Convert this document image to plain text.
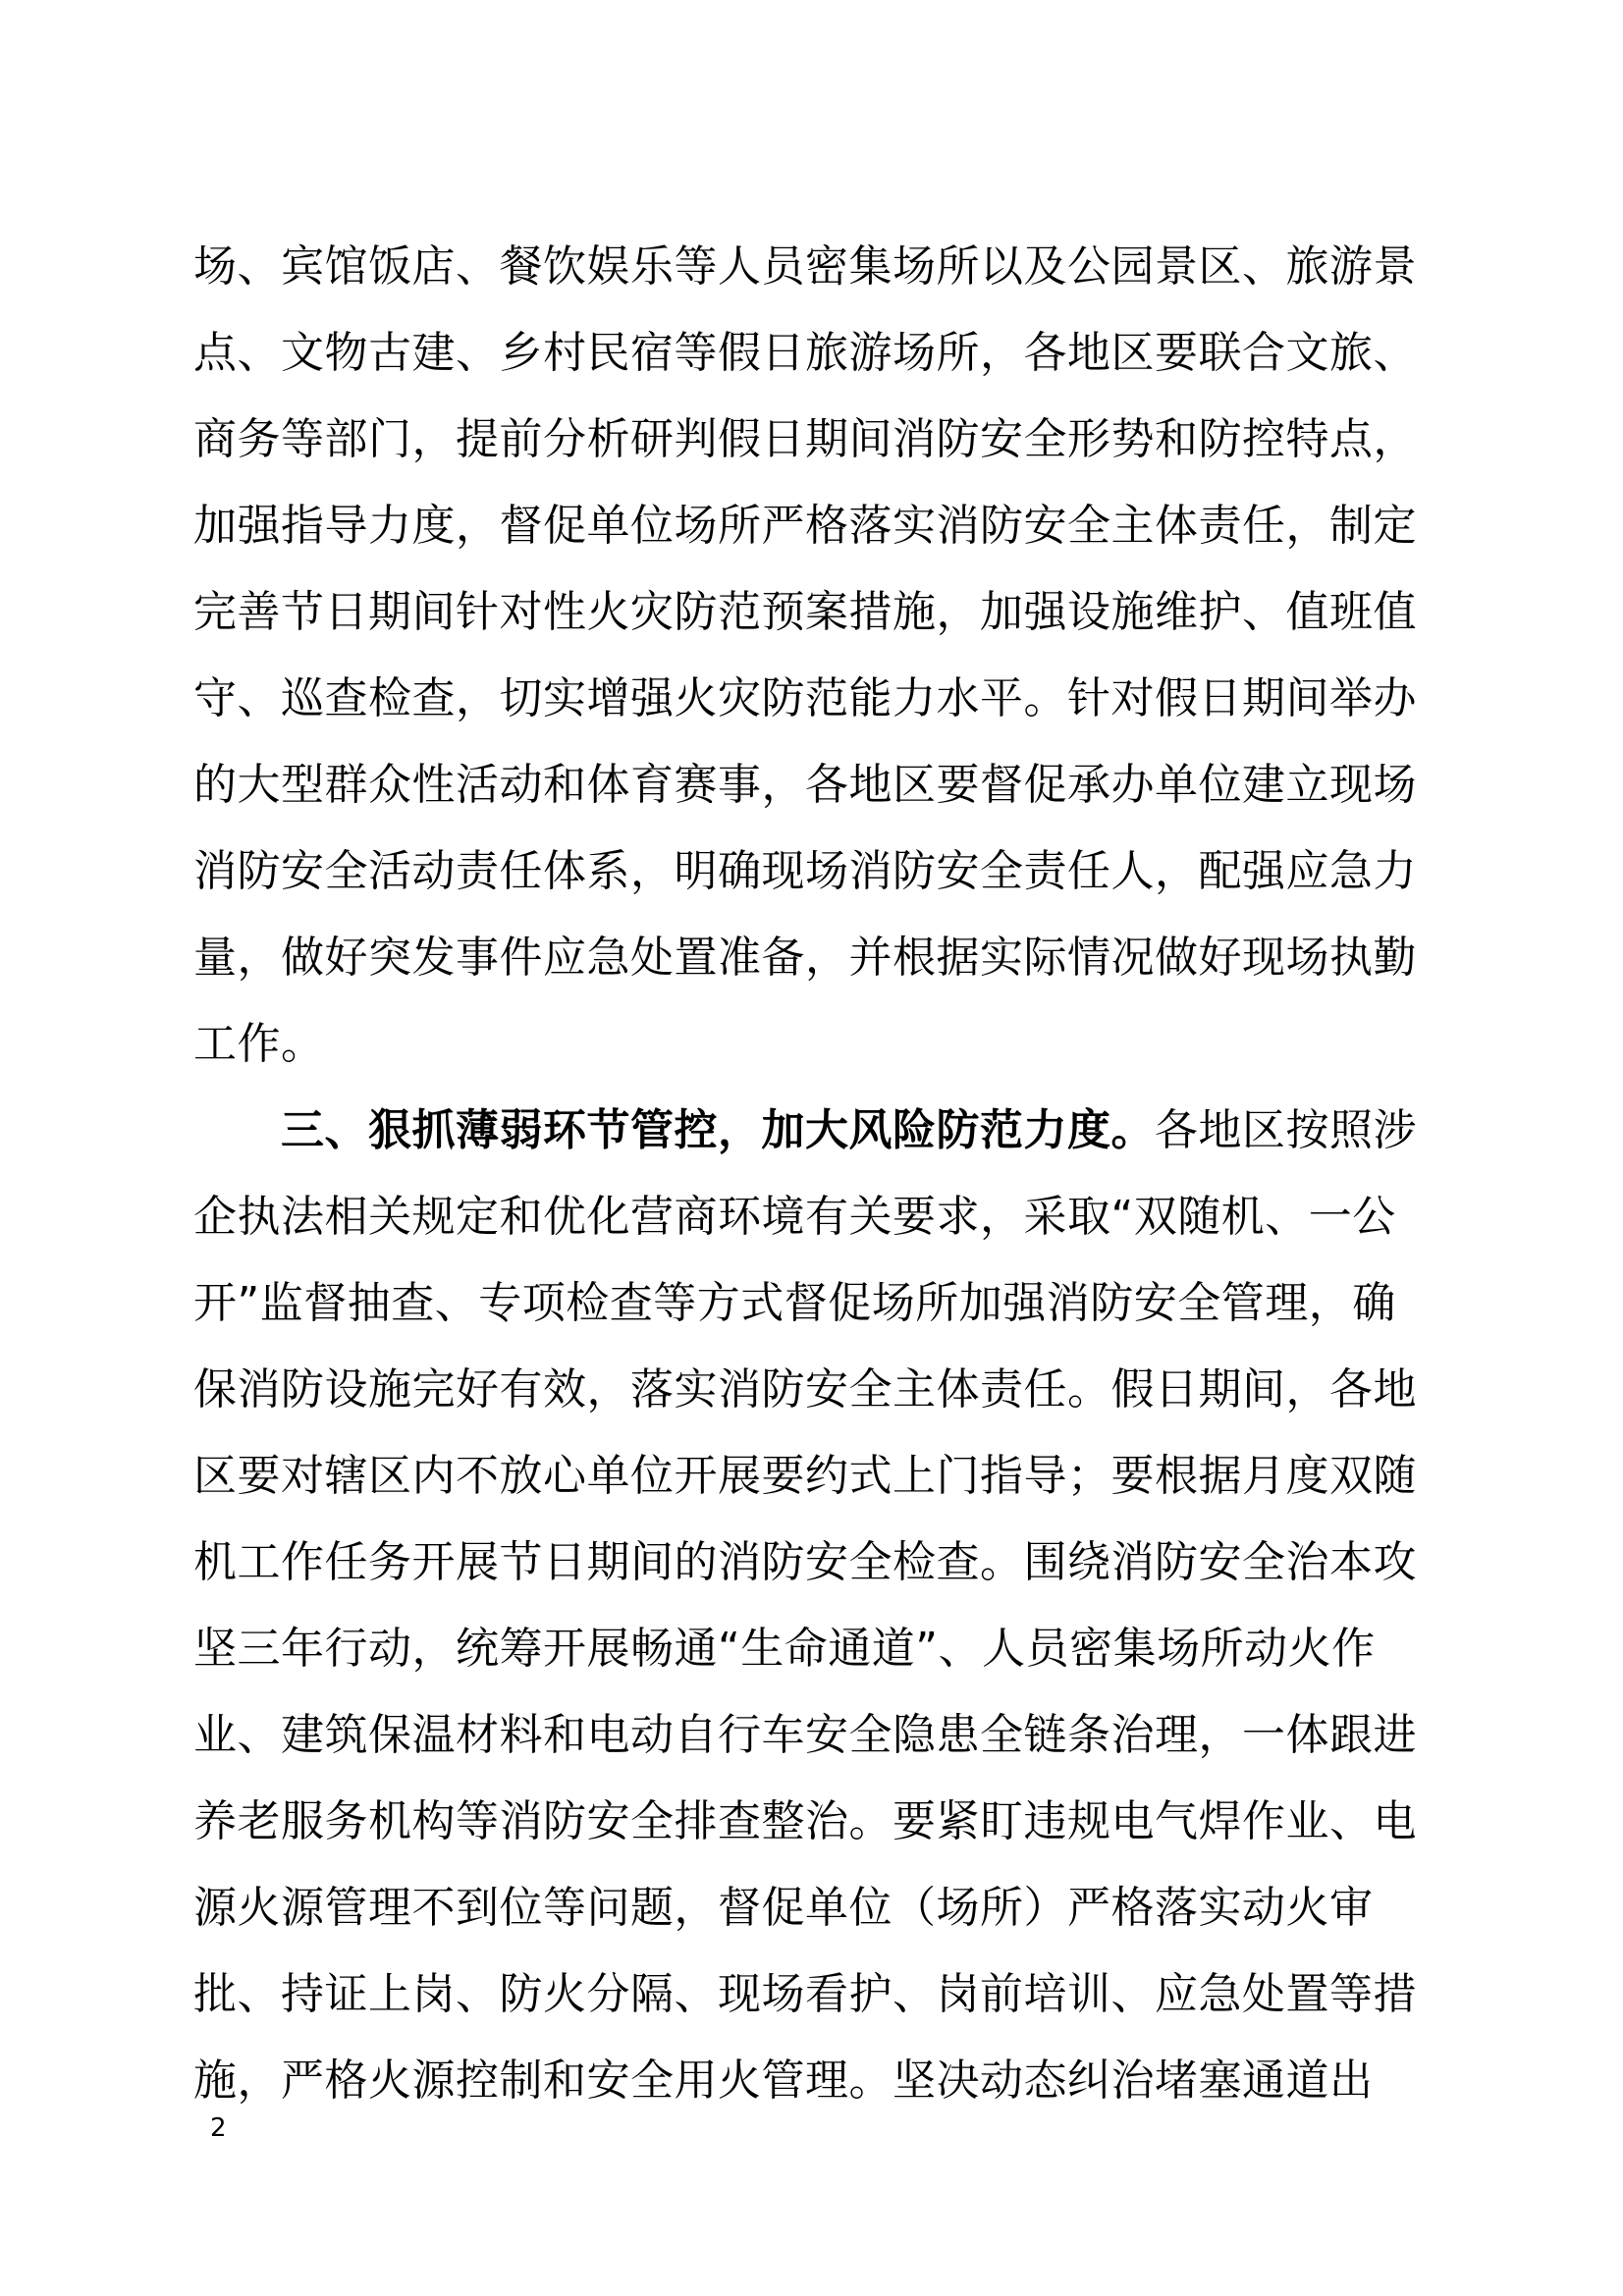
场、宾馆饭店、餐饮娱乐等人员密集场所以及公园景区、旅游景
点、文物古建、乡村民宿等假日旅游场所，各地区要联合文旅、
商务等部门，提前分析研判假日期间消防安全形势和防控特点，
加强指导力度，督促单位场所严格落实消防安全主体责任，制定
完善节日期间针对性火灾防范预案措施，加强设施维护、值班值
守、巡查检查，切实增强火灾防范能力水平。针对假日期间举办
的大型群众性活动和体育赛事，各地区要督促承办单位建立现场
消防安全活动责任体系，明确现场消防安全责任人，配强应急力
量，做好突发事件应急处置准备，并根据实际情况做好现场执勤
工作。
三、狠抓薄弱环节管控，加大风险防范力度。各地区按照涉
企执法相关规定和优化营商环境有关要求，采取“双随机、一公
开”监督抽查、专项检查等方式督促场所加强消防安全管理，确
保消防设施完好有效，落实消防安全主体责任。假日期间，各地
区要对辖区内不放心单位开展要约式上门指导；要根据月度双随
机工作任务开展节日期间的消防安全检查。围绕消防安全治本攻
坚三年行动，统筹开展畅通“生命通道”、人员密集场所动火作
业、建筑保温材料和电动自行车安全隐患全链条治理，一体跟进
养老服务机构等消防安全排查整治。要紧盯违规电气焊作业、电
源火源管理不到位等问题，督促单位（场所）严格落实动火审
批、持证上岗、防火分隔、现场看护、岗前培训、应急处置等措
施，严格火源控制和安全用火管理。坚决动态纠治堵塞通道出
2
